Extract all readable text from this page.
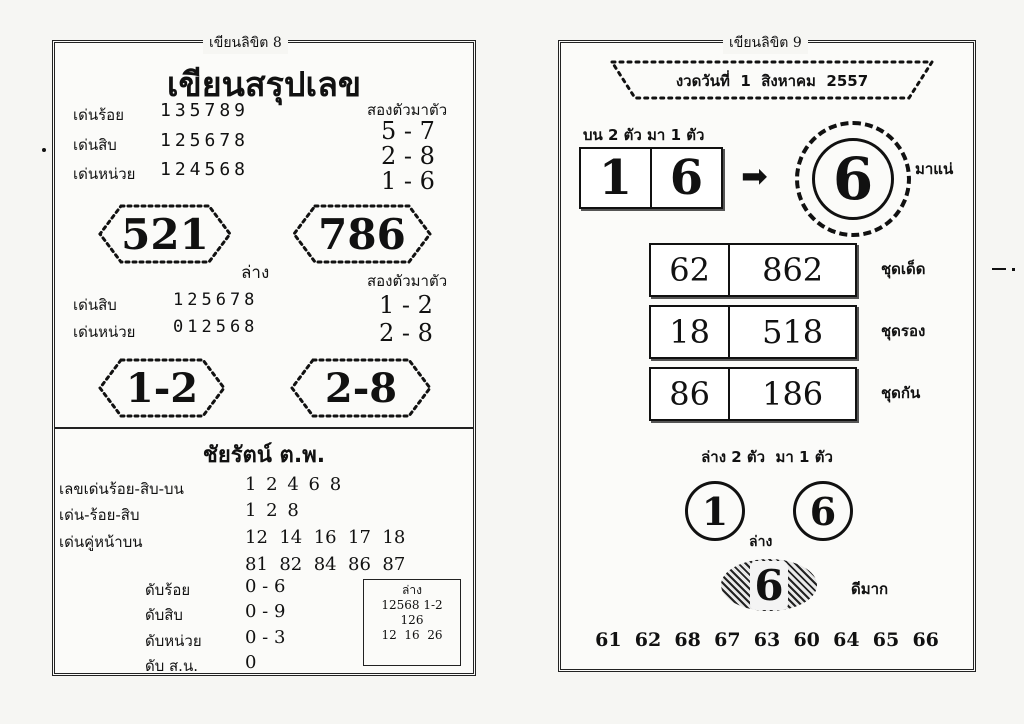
เขียนลิขิต 8
เขียนสรุปเลข
เด่นร้อย 135789
เด่นสิบ 125678
เด่นหน่วย 124568
สองตัวมาตัว
5 - 7
2 - 8
1 - 6
521	786
ล่าง	สองตัวมาตัว
เด่นสิบ	125678
เด่นหน่วย 012568
1 - 2
2 - 8
1-2	2-8
ชัยรัตน์ ต.พ.
เลขเด่นร้อย-สิบ-บน	1 2 4 6 8
เด่น-ร้อย-สิบ	1 2 8
เด่นคู่หน้าบน	12  14  16  17  18
81  82  84  86  87
ดับร้อย	0 - 6
ดับสิบ	0 - 9
ดับหน่วย 0 - 3
ดับ ส.น.	0
ล่าง
12568 1-2
126
12  16  26
เขียนลิขิต 9
งวดวันที่  1  สิงหาคม  2557
บน 2 ตัว มา 1 ตัว
1 6	➡	6	มาแน่
62	862	ชุดเด็ด
18	518	ชุดรอง
86	186	ชุดกัน
ล่าง 2 ตัว  มา 1 ตัว
1	6
ล่าง
6	ดีมาก
61  62  68  67  63  60  64  65  66
